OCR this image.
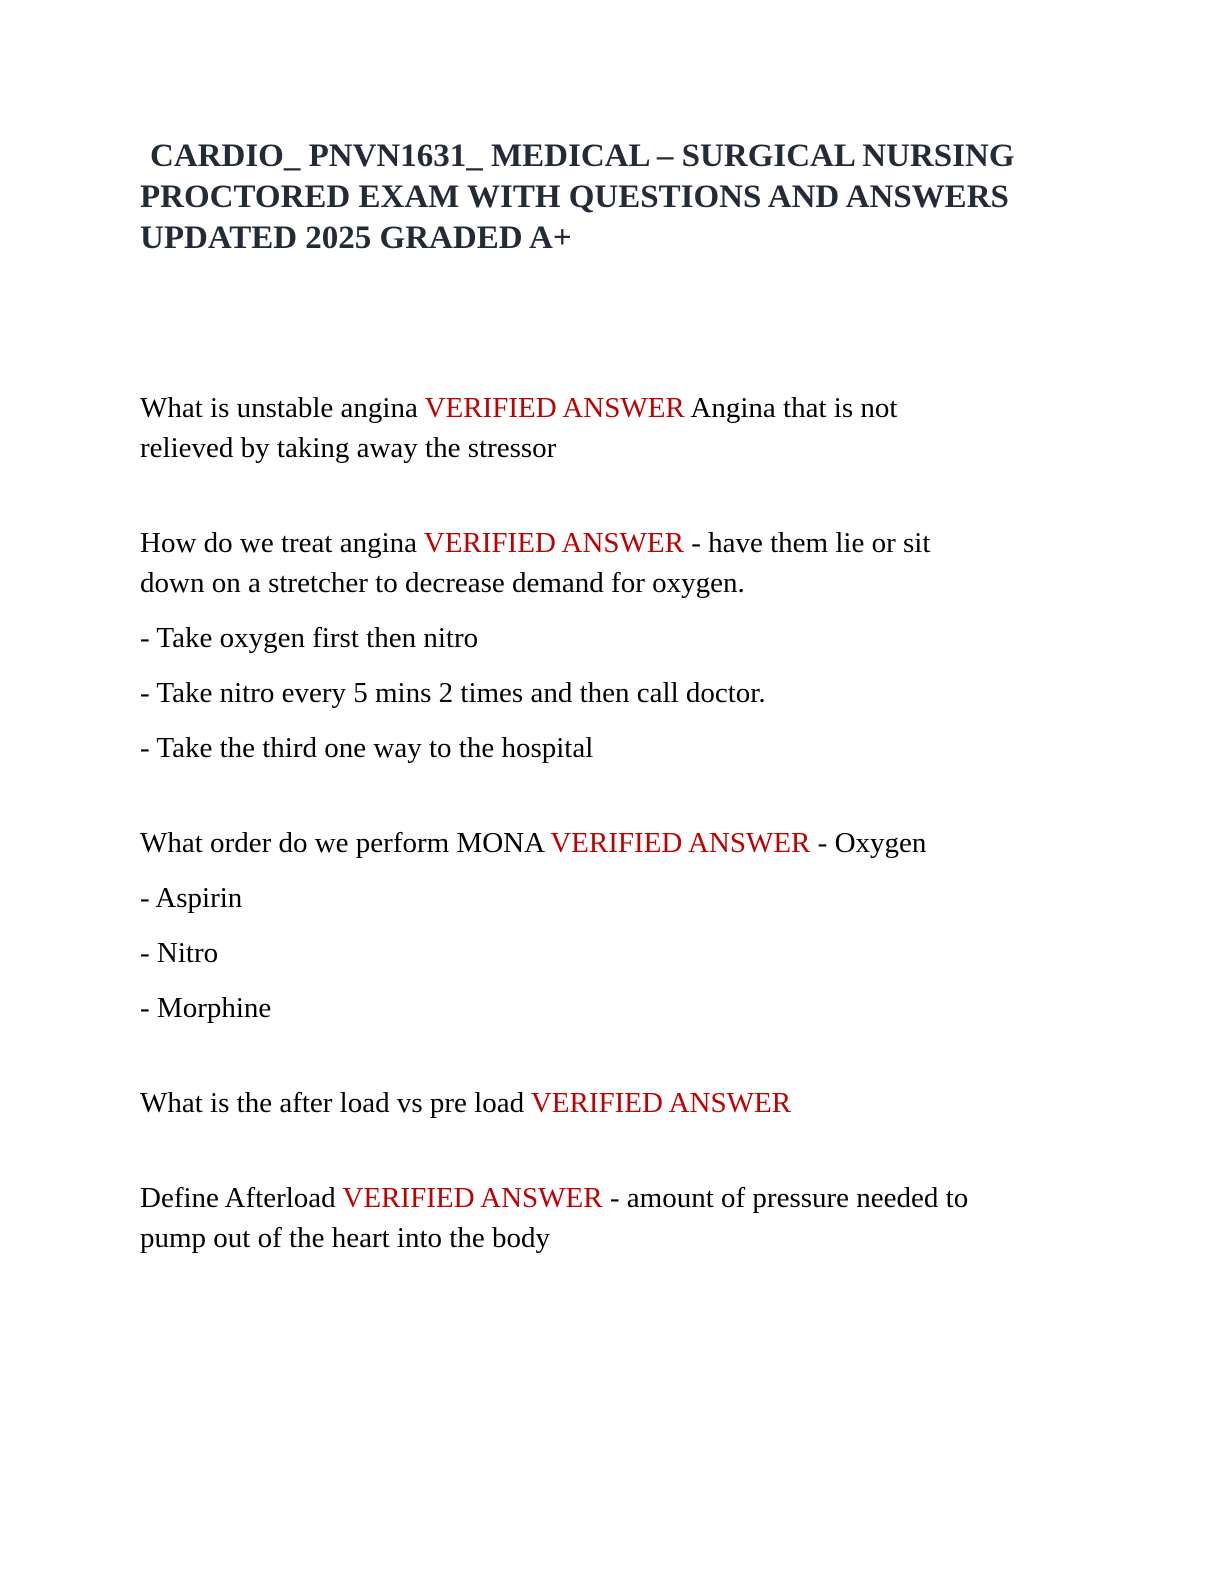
CARDIO_ PNVN1631_ MEDICAL – SURGICAL NURSING
PROCTORED EXAM WITH QUESTIONS AND ANSWERS
UPDATED 2025 GRADED A+

What is unstable angina VERIFIED ANSWER Angina that is not
relieved by taking away the stressor

How do we treat angina VERIFIED ANSWER - have them lie or sit
down on a stretcher to decrease demand for oxygen.

- Take oxygen first then nitro

- Take nitro every 5 mins 2 times and then call doctor.

- Take the third one way to the hospital

What order do we perform MONA VERIFIED ANSWER - Oxygen

- Aspirin

- Nitro

- Morphine

What is the after load vs pre load VERIFIED ANSWER

Define Afterload VERIFIED ANSWER - amount of pressure needed to
pump out of the heart into the body
